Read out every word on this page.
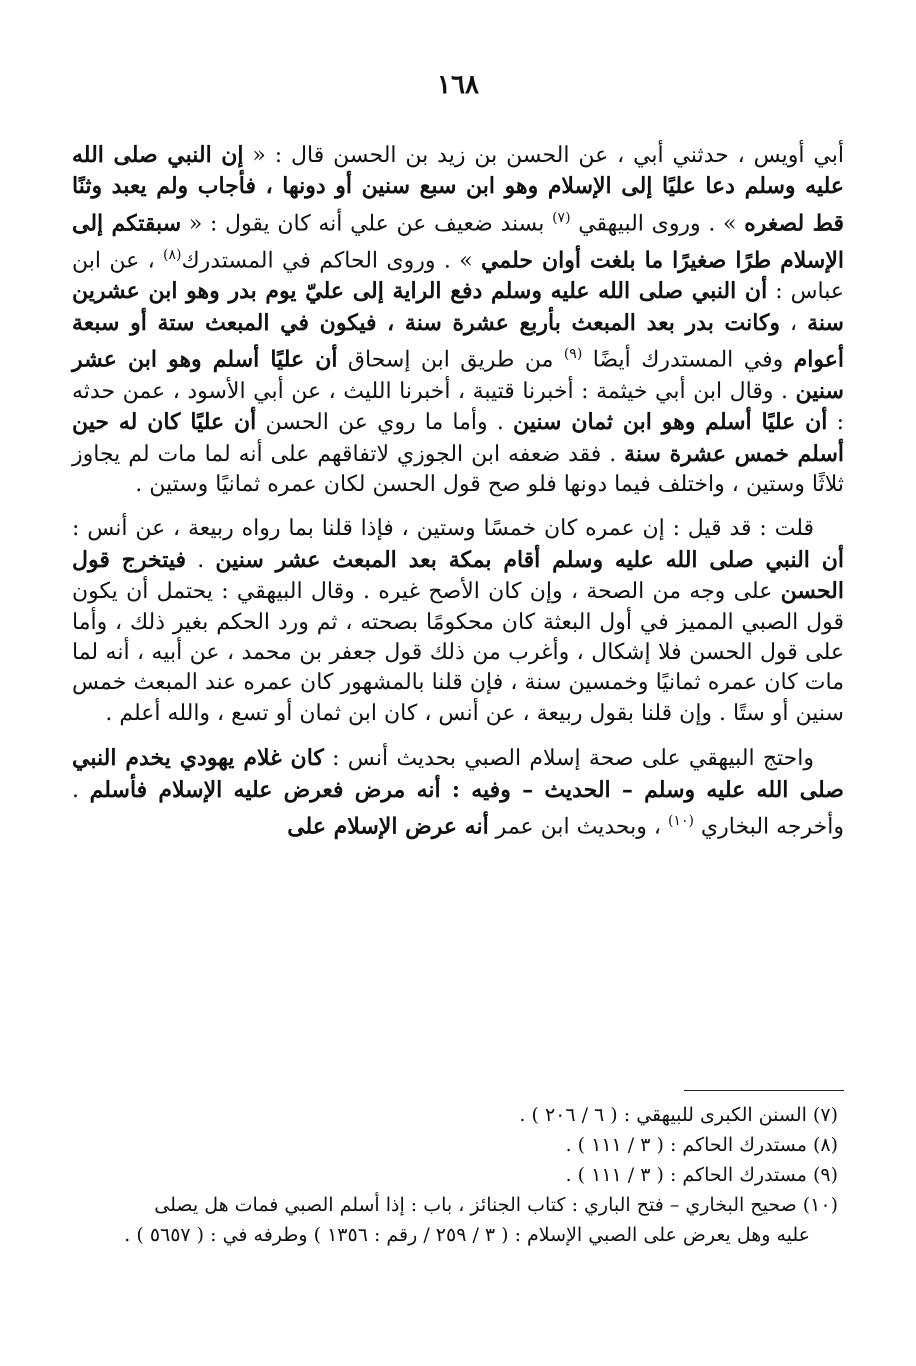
١٦٨

أبي أويس ، حدثني أبي ، عن الحسن بن زيد بن الحسن قال : « إن النبي صلى الله عليه وسلم دعا عليًا إلى الإسلام وهو ابن سبع سنين أو دونها ، فأجاب ولم يعبد وثنًا قط لصغره » . وروى البيهقي $^{(٧)}$ بسند ضعيف عن علي أنه كان يقول : « سبقتكم إلى الإسلام طرًا صغيرًا ما بلغت أوان حلمي » . وروى الحاكم في المستدرك$^{(٨)}$ ، عن ابن عباس : أن النبي صلى الله عليه وسلم دفع الراية إلى عليّ يوم بدر وهو ابن عشرين سنة ، وكانت بدر بعد المبعث بأربع عشرة سنة ، فيكون في المبعث ستة أو سبعة أعوام وفي المستدرك أيضًا $^{(٩)}$ من طريق ابن إسحاق أن عليًا أسلم وهو ابن عشر سنين . وقال ابن أبي خيثمة : أخبرنا قتيبة ، أخبرنا الليث ، عن أبي الأسود ، عمن حدثه : أن عليًا أسلم وهو ابن ثمان سنين . وأما ما روي عن الحسن أن عليًا كان له حين أسلم خمس عشرة سنة . فقد ضعفه ابن الجوزي لاتفاقهم على أنه لما مات لم يجاوز ثلاثًا وستين ، واختلف فيما دونها فلو صح قول الحسن لكان عمره ثمانيًا وستين .

قلت : قد قيل : إن عمره كان خمسًا وستين ، فإذا قلنا بما رواه ربيعة ، عن أنس : أن النبي صلى الله عليه وسلم أقام بمكة بعد المبعث عشر سنين . فيتخرج قول الحسن على وجه من الصحة ، وإن كان الأصح غيره . وقال البيهقي : يحتمل أن يكون قول الصبي المميز في أول البعثة كان محكومًا بصحته ، ثم ورد الحكم بغير ذلك ، وأما على قول الحسن فلا إشكال ، وأغرب من ذلك قول جعفر بن محمد ، عن أبيه ، أنه لما مات كان عمره ثمانيًا وخمسين سنة ، فإن قلنا بالمشهور كان عمره عند المبعث خمس سنين أو ستًا . وإن قلنا بقول ربيعة ، عن أنس ، كان ابن ثمان أو تسع ، والله أعلم .

واحتج البيهقي على صحة إسلام الصبي بحديث أنس : كان غلام يهودي يخدم النبي صلى الله عليه وسلم – الحديث – وفيه : أنه مرض فعرض عليه الإسلام فأسلم . وأخرجه البخاري $^{(١٠)}$ ، وبحديث ابن عمر أنه عرض الإسلام على

(٧) السنن الكبرى للبيهقي : ( ٦ / ٢٠٦ ) .
(٨) مستدرك الحاكم : ( ٣ / ١١١ ) .
(٩) مستدرك الحاكم : ( ٣ / ١١١ ) .
(١٠) صحيح البخاري – فتح الباري : كتاب الجنائز ، باب : إذا أسلم الصبي فمات هل يصلى
عليه وهل يعرض على الصبي الإسلام : ( ٣ / ٢٥٩ / رقم : ١٣٥٦ ) وطرفه في : ( ٥٦٥٧ ) .
